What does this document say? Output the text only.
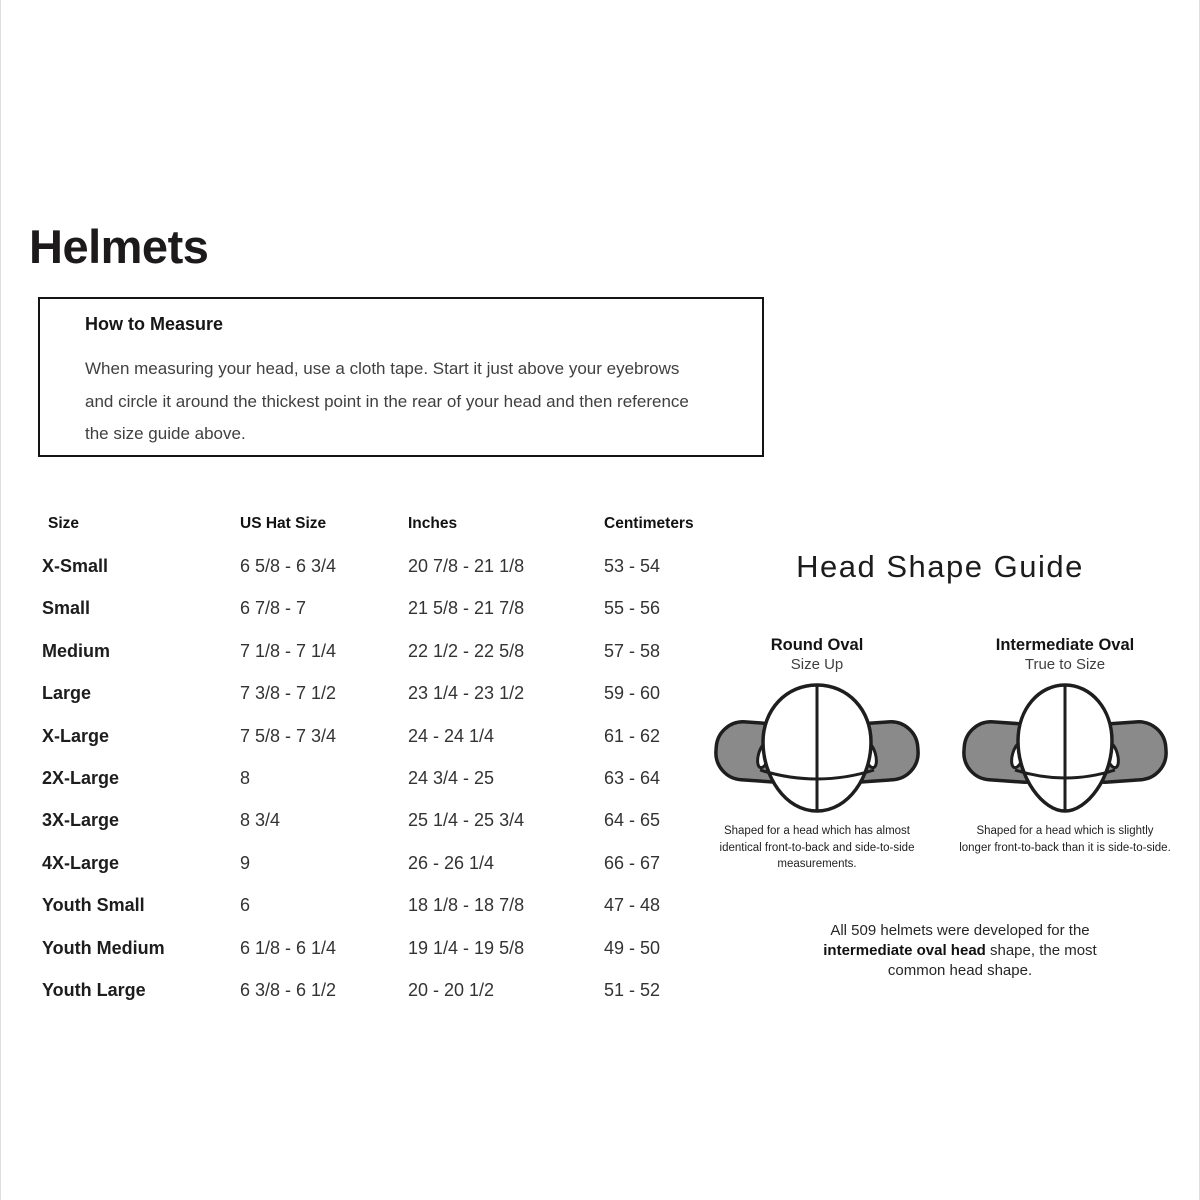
Helmets
How to Measure
When measuring your head, use a cloth tape. Start it just above your eyebrows and circle it around the thickest point in the rear of your head and then reference the size guide above.
Size	US Hat Size	Inches	Centimeters
X-Small	6 5/8 - 6 3/4	20 7/8 - 21 1/8	53 - 54
Small	6 7/8 - 7	21 5/8 - 21 7/8	55 - 56
Medium	7 1/8 - 7 1/4	22 1/2 - 22 5/8	57 - 58
Large	7 3/8 - 7 1/2	23 1/4 - 23 1/2	59 - 60
X-Large	7 5/8 - 7 3/4	24 - 24 1/4	61 - 62
2X-Large	8	24 3/4 - 25	63 - 64
3X-Large	8 3/4	25 1/4 - 25 3/4	64 - 65
4X-Large	9	26 - 26 1/4	66 - 67
Youth Small	6	18 1/8 - 18 7/8	47 - 48
Youth Medium	6 1/8 - 6 1/4	19 1/4 - 19 5/8	49 - 50
Youth Large	6 3/8 - 6 1/2	20 - 20 1/2	51 - 52
Head Shape Guide
Round Oval
Size Up
Shaped for a head which has almost identical front-to-back and side-to-side measurements.
Intermediate Oval
True to Size
Shaped for a head which is slightly longer front-to-back than it is side-to-side.
All 509 helmets were developed for the intermediate oval head shape, the most common head shape.
